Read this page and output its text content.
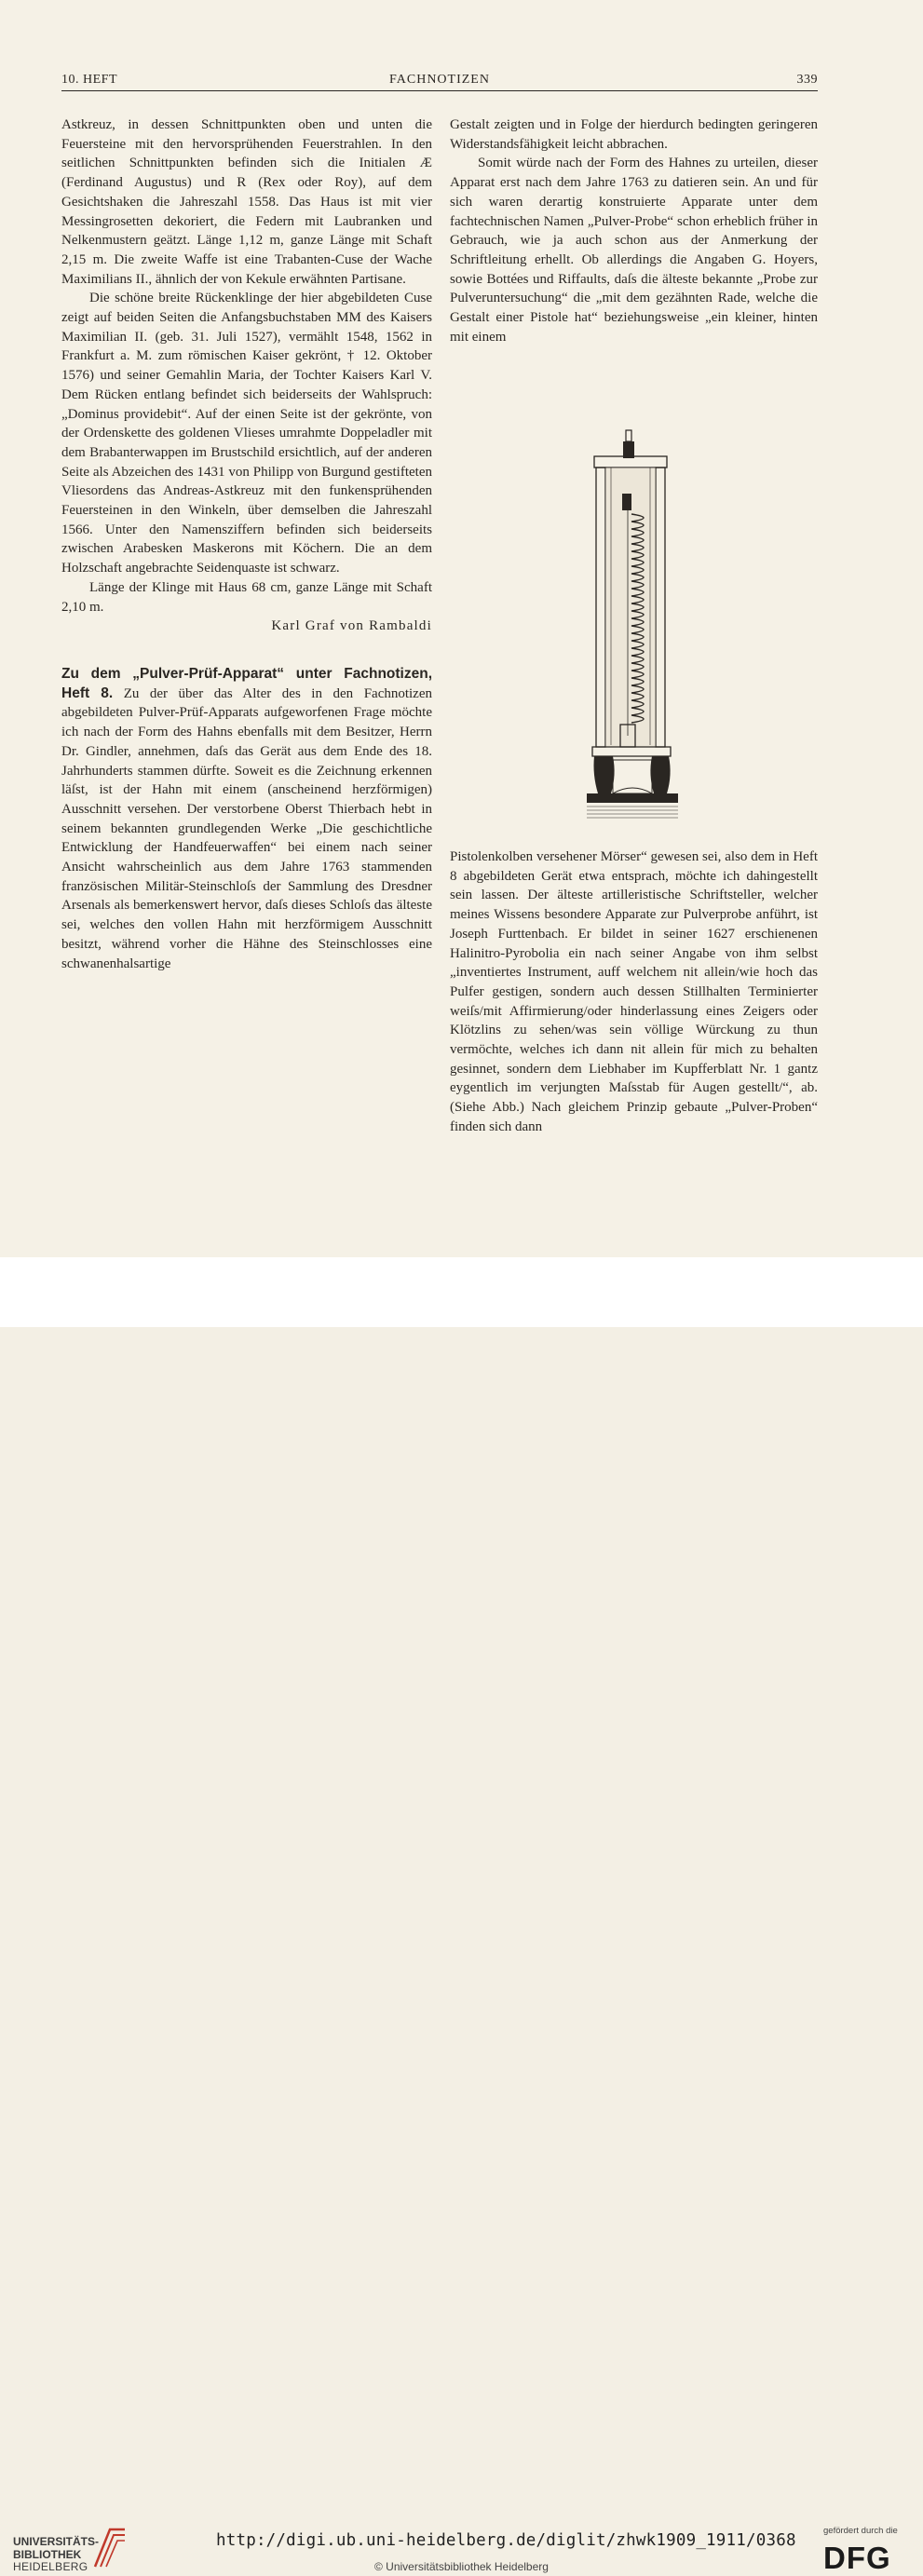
10. HEFT	FACHNOTIZEN	339

Astkreuz, in dessen Schnittpunkten oben und unten die Feuersteine mit den hervorsprühenden Feuerstrahlen. In den seitlichen Schnittpunkten befinden sich die Initialen Æ (Ferdinand Augustus) und R (Rex oder Roy), auf dem Gesichtshaken die Jahreszahl 1558. Das Haus ist mit vier Messingrosetten dekoriert, die Federn mit Laubranken und Nelkenmustern geätzt. Länge 1,12 m, ganze Länge mit Schaft 2,15 m. Die zweite Waffe ist eine Trabanten-Cuse der Wache Maximilians II., ähnlich der von Kekule erwähnten Partisane.

Die schöne breite Rückenklinge der hier abgebildeten Cuse zeigt auf beiden Seiten die Anfangsbuchstaben MM des Kaisers Maximilian II. (geb. 31. Juli 1527), vermählt 1548, 1562 in Frankfurt a. M. zum römischen Kaiser gekrönt, † 12. Oktober 1576) und seiner Gemahlin Maria, der Tochter Kaisers Karl V. Dem Rücken entlang befindet sich beiderseits der Wahlspruch: „Dominus providebit“. Auf der einen Seite ist der gekrönte, von der Ordenskette des goldenen Vlieses umrahmte Doppeladler mit dem Brabanterwappen im Brustschild ersichtlich, auf der anderen Seite als Abzeichen des 1431 von Philipp von Burgund gestifteten Vliesordens das Andreas-Astkreuz mit den funkensprühenden Feuersteinen in den Winkeln, über demselben die Jahreszahl 1566. Unter den Namensziffern befinden sich beiderseits zwischen Arabesken Maskerons mit Köchern. Die an dem Holzschaft angebrachte Seidenquaste ist schwarz.

Länge der Klinge mit Haus 68 cm, ganze Länge mit Schaft 2,10 m.

Karl Graf von Rambaldi

Zu dem „Pulver-Prüf-Apparat“ unter Fachnotizen, Heft 8. Zu der über das Alter des in den Fachnotizen abgebildeten Pulver-Prüf-Apparats aufgeworfenen Frage möchte ich nach der Form des Hahns ebenfalls mit dem Besitzer, Herrn Dr. Gindler, annehmen, daſs das Gerät aus dem Ende des 18. Jahrhunderts stammen dürfte. Soweit es die Zeichnung erkennen läſst, ist der Hahn mit einem (anscheinend herzförmigen) Ausschnitt versehen. Der verstorbene Oberst Thierbach hebt in seinem bekannten grundlegenden Werke „Die geschichtliche Entwicklung der Handfeuerwaffen“ bei einem nach seiner Ansicht wahrscheinlich aus dem Jahre 1763 stammenden französischen Militär-Steinschloſs der Sammlung des Dresdner Arsenals als bemerkenswert hervor, daſs dieses Schloſs das älteste sei, welches den vollen Hahn mit herzförmigem Ausschnitt besitzt, während vorher die Hähne des Steinschlosses eine schwanenhalsartige

Gestalt zeigten und in Folge der hierdurch bedingten geringeren Widerstandsfähigkeit leicht abbrachen.

Somit würde nach der Form des Hahnes zu urteilen, dieser Apparat erst nach dem Jahre 1763 zu datieren sein. An und für sich waren derartig konstruierte Apparate unter dem fachtechnischen Namen „Pulver-Probe“ schon erheblich früher in Gebrauch, wie ja auch schon aus der Anmerkung der Schriftleitung erhellt. Ob allerdings die Angaben G. Hoyers, sowie Bottées und Riffaults, daſs die älteste bekannte „Probe zur Pulveruntersuchung“ die „mit dem gezähnten Rade, welche die Gestalt einer Pistole hat“ beziehungsweise „ein kleiner, hinten mit einem

Pistolenkolben versehener Mörser“ gewesen sei, also dem in Heft 8 abgebildeten Gerät etwa entsprach, möchte ich dahingestellt sein lassen. Der älteste artilleristische Schriftsteller, welcher meines Wissens besondere Apparate zur Pulverprobe anführt, ist Joseph Furttenbach. Er bildet in seiner 1627 erschienenen Halinitro-Pyrobolia ein nach seiner Angabe von ihm selbst „inventiertes Instrument, auff welchem nit allein/wie hoch das Pulfer gestigen, sondern auch dessen Stillhalten Terminierter weiſs/mit Affirmierung/oder hinderlassung eines Zeigers oder Klötzlins zu sehen/was sein völlige Würckung zu thun vermöchte, welches ich dann nit allein für mich zu behalten gesinnet, sondern dem Liebhaber im Kupfferblatt Nr. 1 gantz eygentlich im verjungten Maſsstab für Augen gestellt/“, ab. (Siehe Abb.) Nach gleichem Prinzip gebaute „Pulver-Proben“ finden sich dann

UNIVERSITÄTS-
BIBLIOTHEK
HEIDELBERG
http://digi.ub.uni-heidelberg.de/diglit/zhwk1909_1911/0368
© Universitätsbibliothek Heidelberg
gefördert durch die
DFG
